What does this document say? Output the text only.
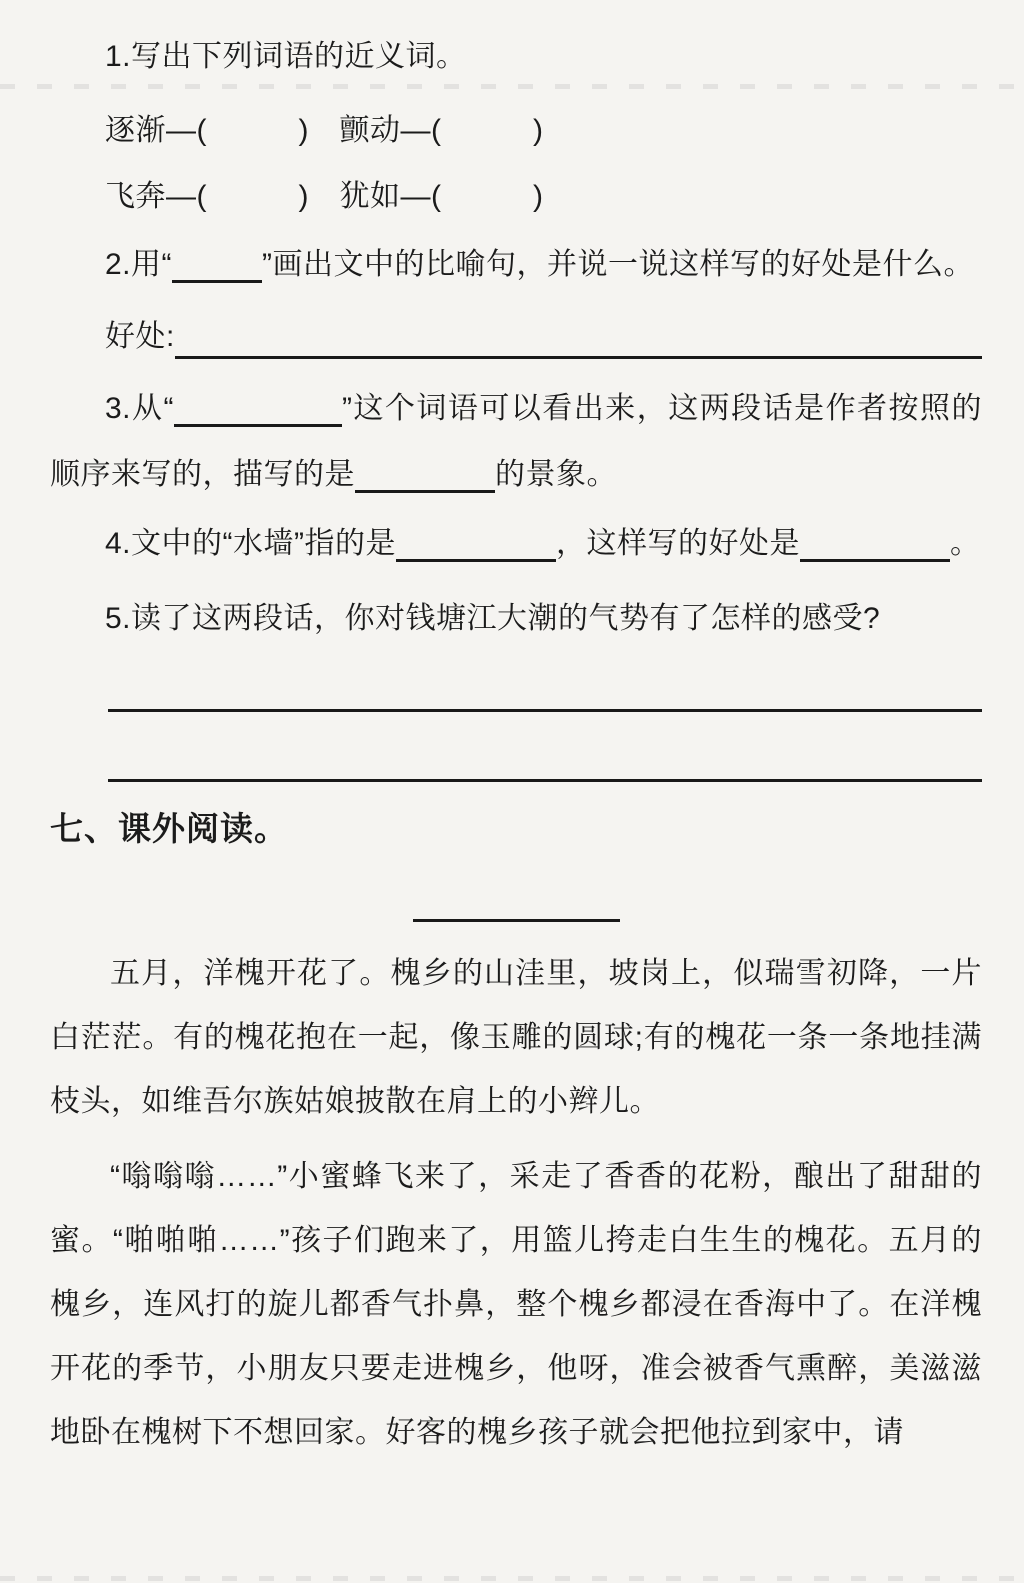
1.写出下列词语的近义词。

逐渐—(　　　)　颤动—(　　　)

飞奔—(　　　)　犹如—(　　　)

2.用“	”画出文中的比喻句，并说一说这样写的好处是什么。

好处:

3.从“	”这个词语可以看出来，这两段话是作者按照的顺序来写的，描写的是	的景象。

4.文中的“水墙”指的是	，这样写的好处是	。

5.读了这两段话，你对钱塘江大潮的气势有了怎样的感受?

七、课外阅读。

五月，洋槐开花了。槐乡的山洼里，坡岗上，似瑞雪初降，一片白茫茫。有的槐花抱在一起，像玉雕的圆球;有的槐花一条一条地挂满枝头，如维吾尔族姑娘披散在肩上的小辫儿。

“嗡嗡嗡……”小蜜蜂飞来了，采走了香香的花粉，酿出了甜甜的蜜。“啪啪啪……”孩子们跑来了，用篮儿挎走白生生的槐花。五月的槐乡，连风打的旋儿都香气扑鼻，整个槐乡都浸在香海中了。在洋槐开花的季节，小朋友只要走进槐乡，他呀，准会被香气熏醉，美滋滋地卧在槐树下不想回家。好客的槐乡孩子就会把他拉到家中，请
